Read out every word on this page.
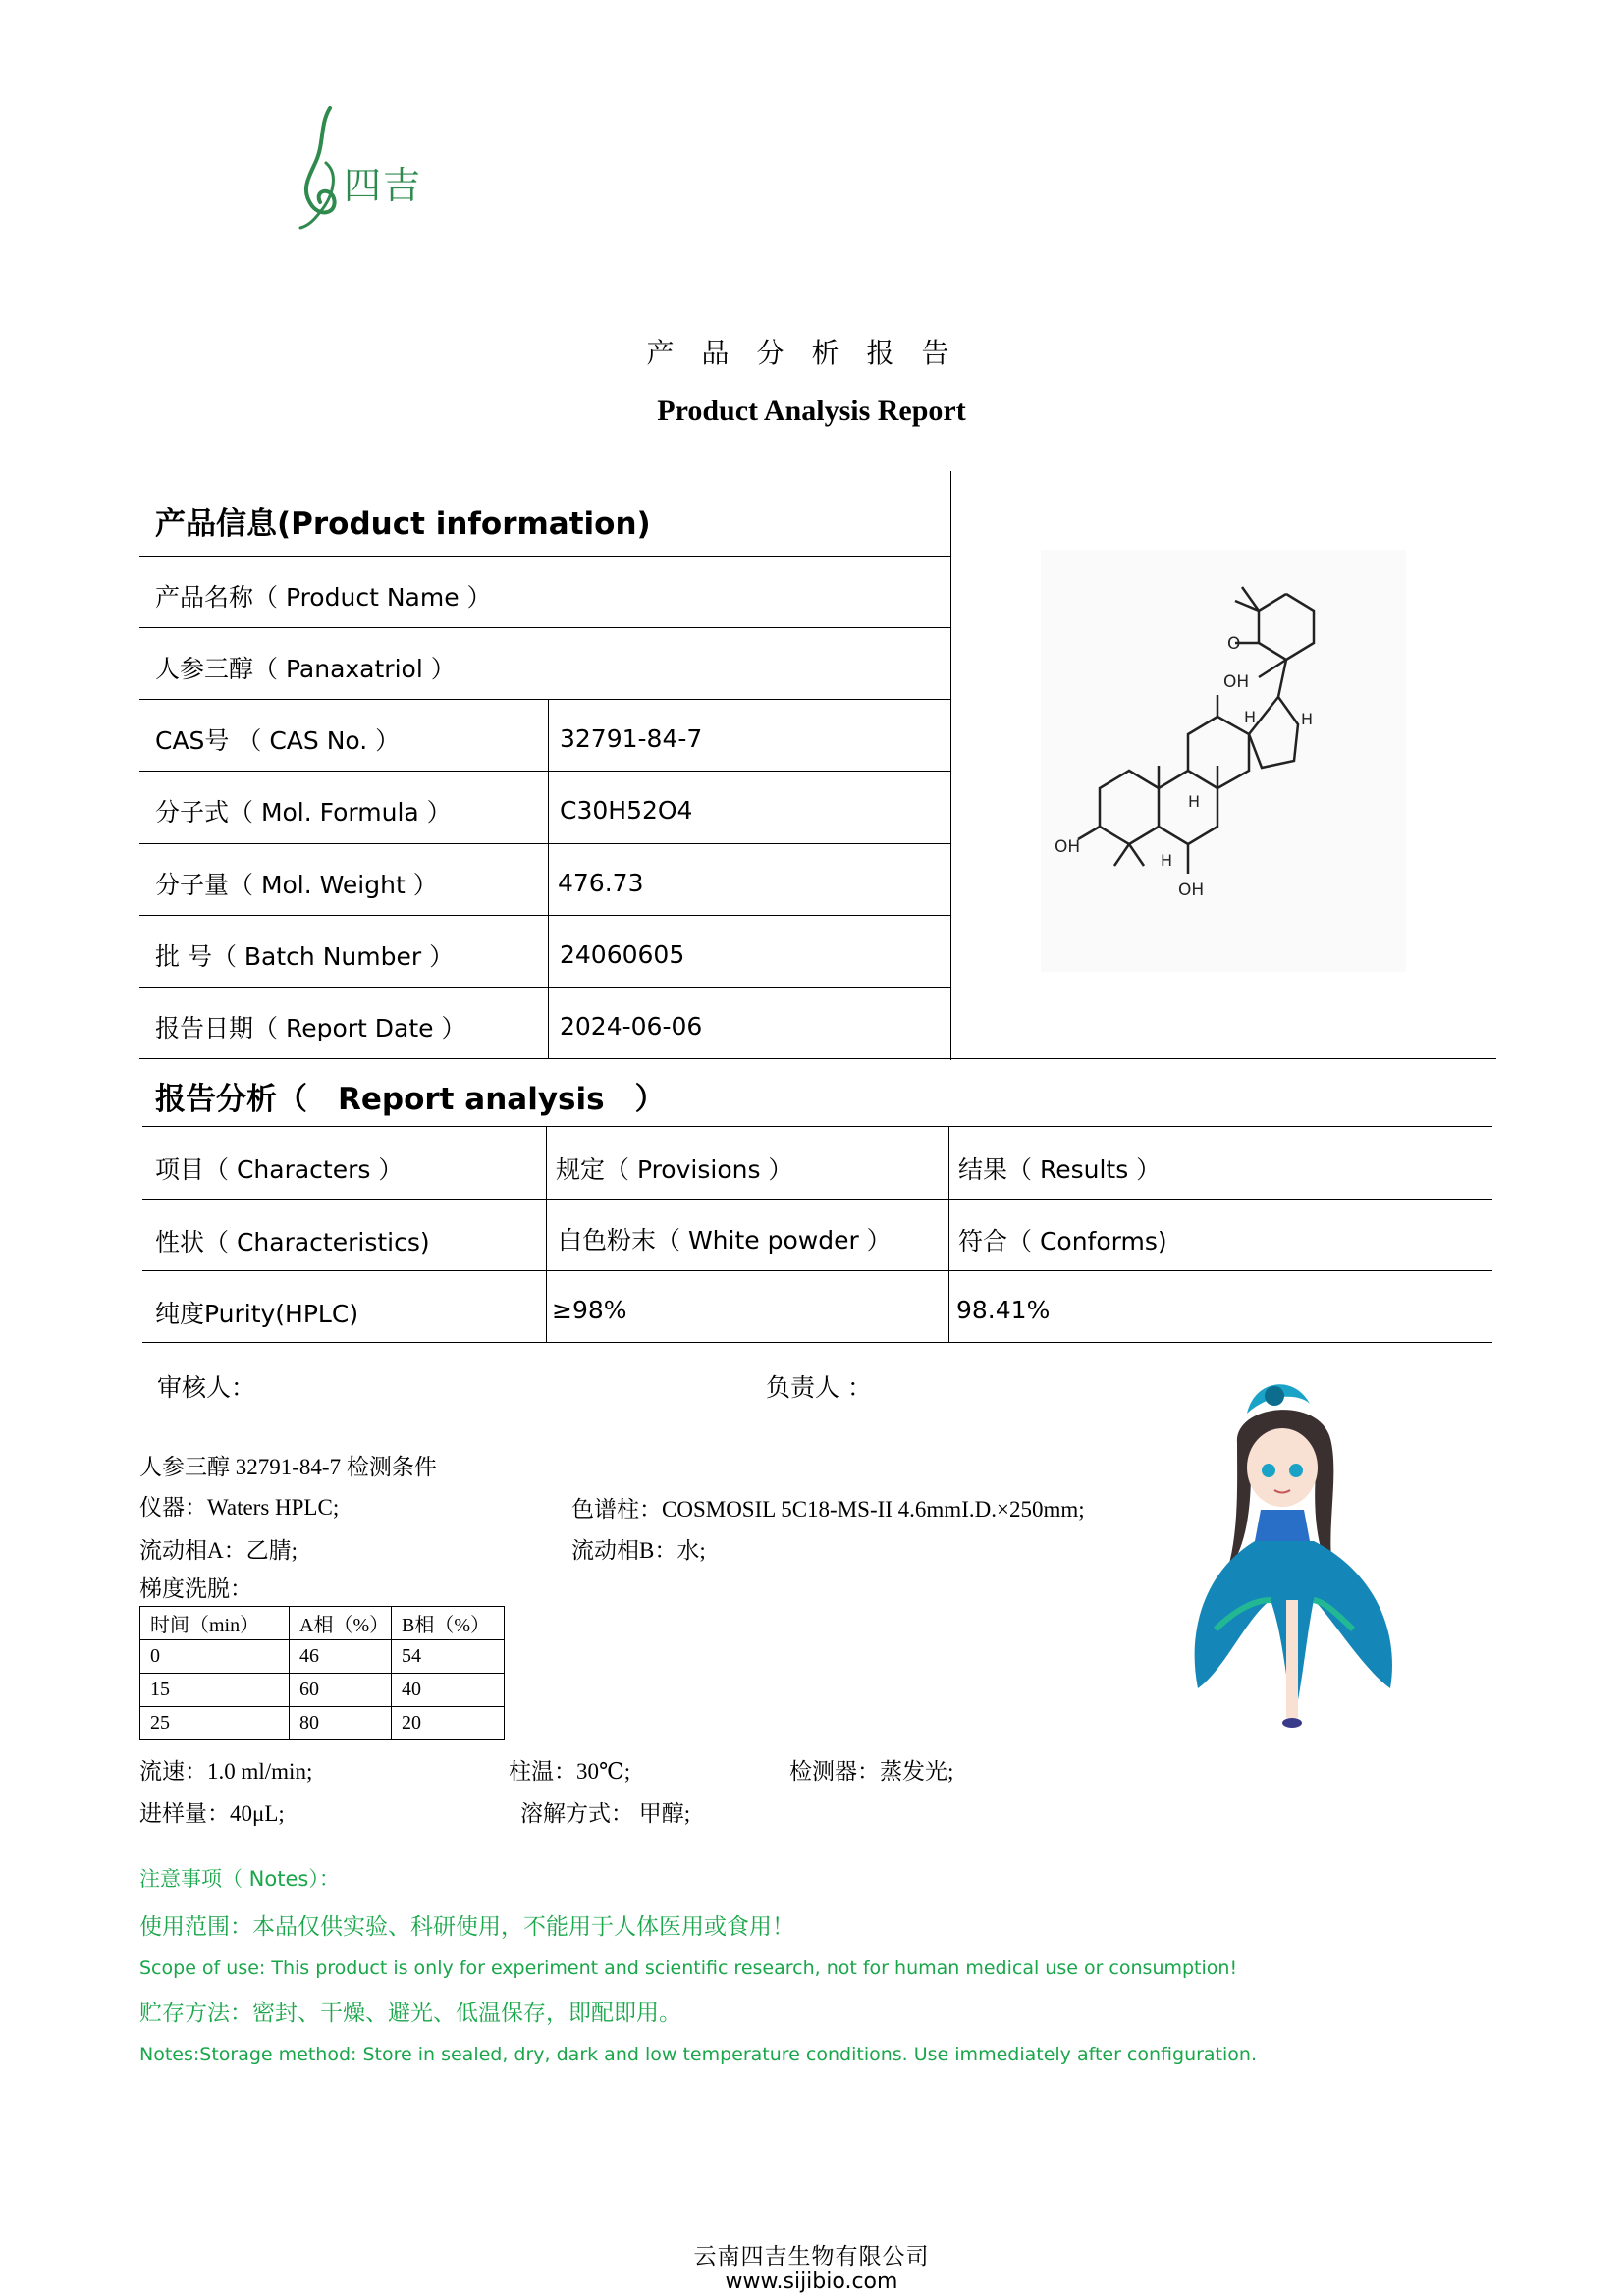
四吉
产品分析报告
Product Analysis Report
产品信息(Product information)
产品名称（ Product Name ）
人参三醇（ Panaxatriol ）
CAS号 （ CAS No. ）	32791-84-7
分子式（ Mol. Formula ）	C30H52O4
分子量（ Mol. Weight ）	476.73
批 号（ Batch Number ）	24060605
报告日期（ Report Date ）	2024-06-06
OH
OH
OH
O
H	H
H
H
报告分析（　Report analysis　）
项目（ Characters ）	规定（ Provisions ）	结果（ Results ）
性状（ Characteristics)	白色粉末（ White powder ）	符合（ Conforms)
纯度Purity(HPLC)	≥98%	98.41%
审核人：	负责人 ：
人参三醇 32791-84-7 检测条件
仪器：Waters HPLC;	色谱柱：COSMOSIL 5C18-MS-II 4.6mmI.D.×250mm;
流动相A：乙腈;	流动相B：水;
梯度洗脱：
时间（min）	A相（%）	B相（%）
0	46	54
15	60	40
25	80	20
流速：1.0 ml/min;	柱温：30℃;	检测器：蒸发光;
进样量：40μL;	溶解方式： 甲醇;
注意事项（ Notes）：
使用范围：本品仅供实验、科研使用，不能用于人体医用或食用！
Scope of use: This product is only for experiment and scientific research, not for human medical use or consumption!
贮存方法：密封、干燥、避光、低温保存，即配即用。
Notes:Storage method: Store in sealed, dry, dark and low temperature conditions. Use immediately after configuration.
云南四吉生物有限公司
www.sijibio.com
